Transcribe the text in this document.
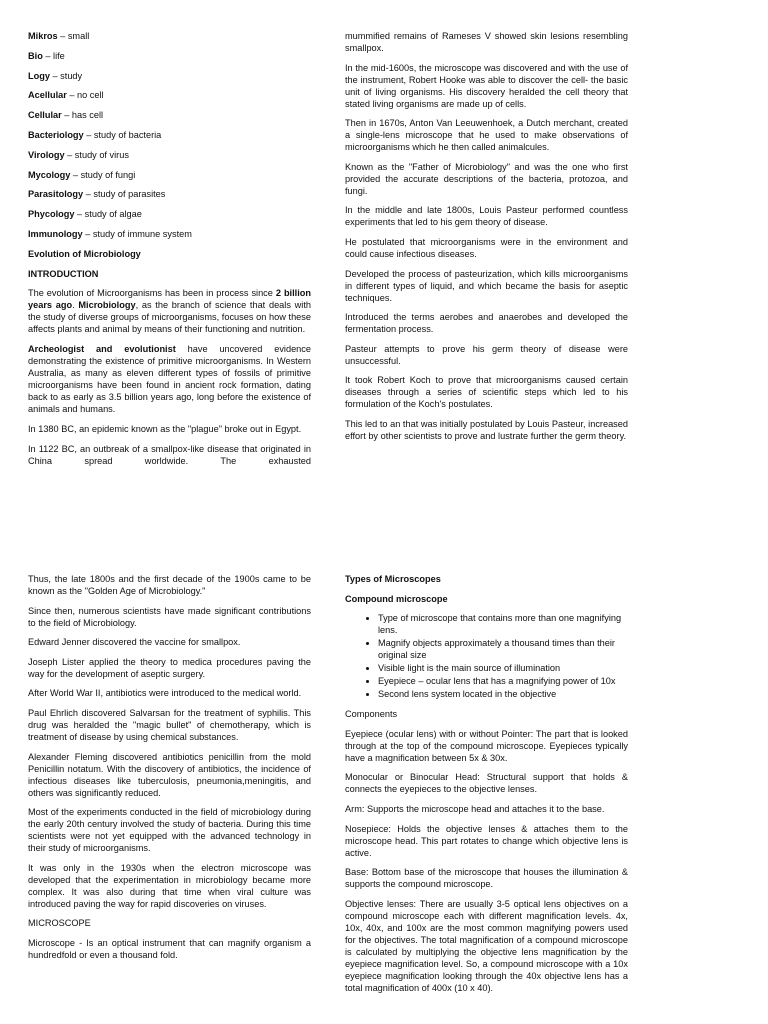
Mikros – small

Bio – life

Logy – study

Acellular – no cell

Cellular – has cell

Bacteriology – study of bacteria

Virology – study of virus

Mycology – study of fungi

Parasitology – study of parasites

Phycology – study of algae

Immunology – study of immune system

Evolution of Microbiology

INTRODUCTION

The evolution of Microorganisms has been in process since 2 billion years ago. Microbiology, as the branch of science that deals with the study of diverse groups of microorganisms, focuses on how these affects plants and animal by means of their functioning and nutrition.

Archeologist and evolutionist have uncovered evidence demonstrating the existence of primitive microorganisms. In Western Australia, as many as eleven different types of fossils of primitive microorganisms have been found in ancient rock formation, dating back to as early as 3.5 billion years ago, long before the existence of animals and humans.

In 1380 BC, an epidemic known as the "plague" broke out in Egypt.

In 1122 BC, an outbreak of a smallpox-like disease that originated in China spread worldwide. The exhausted

mummified remains of Rameses V showed skin lesions resembling smallpox.

In the mid-1600s, the microscope was discovered and with the use of the instrument, Robert Hooke was able to discover the cell- the basic unit of living organisms. His discovery heralded the cell theory that stated living organisms are made up of cells.

Then in 1670s, Anton Van Leeuwenhoek, a Dutch merchant, created a single-lens microscope that he used to make observations of microorganisms which he then called animalcules.

Known as the "Father of Microbiology" and was the one who first provided the accurate descriptions of the bacteria, protozoa, and fungi.

In the middle and late 1800s, Louis Pasteur performed countless experiments that led to his gem theory of disease.

He postulated that microorganisms were in the environment and could cause infectious diseases.

Developed the process of pasteurization, which kills microorganisms in different types of liquid, and which became the basis for aseptic techniques.

Introduced the terms aerobes and anaerobes and developed the fermentation process.

Pasteur attempts to prove his germ theory of disease were unsuccessful.

It took Robert Koch to prove that microorganisms caused certain diseases through a series of scientific steps which led to his formulation of the Koch's postulates.

This led to an that was initially postulated by Louis Pasteur, increased effort by other scientists to prove and lustrate further the germ theory.

Thus, the late 1800s and the first decade of the 1900s came to be known as the "Golden Age of Microbiology."

Since then, numerous scientists have made significant contributions to the field of Microbiology.

Edward Jenner discovered the vaccine for smallpox.

Joseph Lister applied the theory to medica procedures paving the way for the development of aseptic surgery.

After World War II, antibiotics were introduced to the medical world.

Paul Ehrlich discovered Salvarsan for the treatment of syphilis. This drug was heralded the "magic bullet" of chemotherapy, which is treatment of disease by using chemical substances.

Alexander Fleming discovered antibiotics penicillin from the mold Penicillin notatum. With the discovery of antibiotics, the incidence of infectious diseases like tuberculosis, pneumonia,meningitis, and others was significantly reduced.

Most of the experiments conducted in the field of microbiology during the early 20th century involved the study of bacteria. During this time scientists were not yet equipped with the advanced technology in their study of microorganisms.

It was only in the 1930s when the electron microscope was developed that the experimentation in microbiology became more complex. It was also during that time when viral culture was introduced paving the way for rapid discoveries on viruses.

MICROSCOPE

Microscope - Is an optical instrument that can magnify organism a hundredfold or even a thousand fold.

Types of Microscopes

Compound microscope

• Type of microscope that contains more than one magnifying lens.
• Magnify objects approximately a thousand times than their original size
• Visible light is the main source of illumination
• Eyepiece – ocular lens that has a magnifying power of 10x
• Second lens system located in the objective

Components

Eyepiece (ocular lens) with or without Pointer: The part that is looked through at the top of the compound microscope. Eyepieces typically have a magnification between 5x & 30x.

Monocular or Binocular Head: Structural support that holds & connects the eyepieces to the objective lenses.

Arm: Supports the microscope head and attaches it to the base.

Nosepiece: Holds the objective lenses & attaches them to the microscope head. This part rotates to change which objective lens is active.

Base: Bottom base of the microscope that houses the illumination & supports the compound microscope.

Objective lenses: There are usually 3-5 optical lens objectives on a compound microscope each with different magnification levels. 4x, 10x, 40x, and 100x are the most common magnifying powers used for the objectives. The total magnification of a compound microscope is calculated by multiplying the objective lens magnification by the eyepiece magnification level. So, a compound microscope with a 10x eyepiece magnification looking through the 40x objective lens has a total magnification of 400x (10 x 40).
